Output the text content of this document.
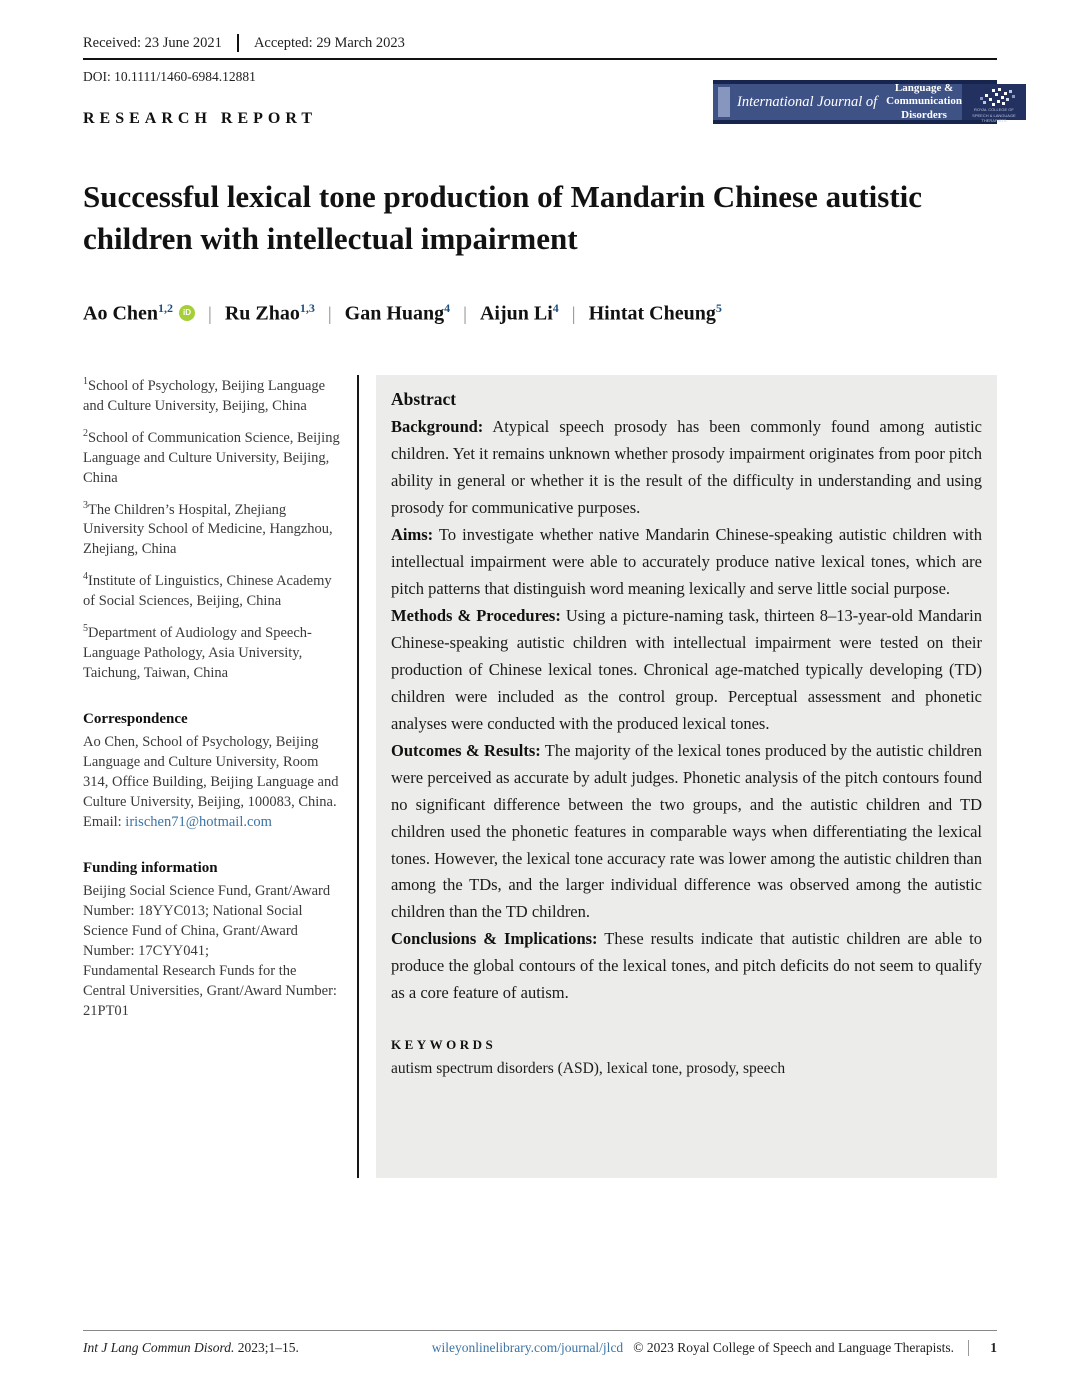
Received: 23 June 2021 Accepted: 29 March 2023
DOI: 10.1111/1460-6984.12881
International Journal of
Language &
Communication
Disorders	ROYAL COLLEGE OF
SPEECH & LANGUAGE
THERAPISTS
RESEARCH REPORT
Successful lexical tone production of Mandarin Chinese autistic children with intellectual impairment
Ao Chen$^{1,2}$	iD | Ru Zhao$^{1,3}$ | Gan Huang$^4$ | Aijun Li$^4$ | Hintat Cheung$^5$
$^1$School of Psychology, Beijing Language and Culture University, Beijing, China
$^2$School of Communication Science, Beijing Language and Culture University, Beijing, China
$^3$The Children’s Hospital, Zhejiang University School of Medicine, Hangzhou, Zhejiang, China
$^4$Institute of Linguistics, Chinese Academy of Social Sciences, Beijing, China
$^5$Department of Audiology and Speech-Language Pathology, Asia University, Taichung, Taiwan, China
Correspondence
Ao Chen, School of Psychology, Beijing Language and Culture University, Room 314, Office Building, Beijing Language and Culture University, Beijing, 100083, China.
Email: irischen71@hotmail.com
Funding information
Beijing Social Science Fund, Grant/Award Number: 18YYC013; National Social Science Fund of China, Grant/Award Number: 17CYY041;
Fundamental Research Funds for the Central Universities, Grant/Award Number: 21PT01
Abstract

Background: Atypical speech prosody has been commonly found among autistic children. Yet it remains unknown whether prosody impairment originates from poor pitch ability in general or whether it is the result of the difficulty in understanding and using prosody for communicative purposes.

Aims: To investigate whether native Mandarin Chinese-speaking autistic children with intellectual impairment were able to accurately produce native lexical tones, which are pitch patterns that distinguish word meaning lexically and serve little social purpose.

Methods & Procedures: Using a picture-naming task, thirteen 8–13-year-old Mandarin Chinese-speaking autistic children with intellectual impairment were tested on their production of Chinese lexical tones. Chronical age-matched typically developing (TD) children were included as the control group. Perceptual assessment and phonetic analyses were conducted with the produced lexical tones.

Outcomes & Results: The majority of the lexical tones produced by the autistic children were perceived as accurate by adult judges. Phonetic analysis of the pitch contours found no significant difference between the two groups, and the autistic children and TD children used the phonetic features in comparable ways when differentiating the lexical tones. However, the lexical tone accuracy rate was lower among the autistic children than among the TDs, and the larger individual difference was observed among the autistic children than the TD children.

Conclusions & Implications: These results indicate that autistic children are able to produce the global contours of the lexical tones, and pitch deficits do not seem to qualify as a core feature of autism.

KEYWORDS
autism spectrum disorders (ASD), lexical tone, prosody, speech
Int J Lang Commun Disord. 2023;1–15.	wileyonlinelibrary.com/journal/jlcd © 2023 Royal College of Speech and Language Therapists.	1
